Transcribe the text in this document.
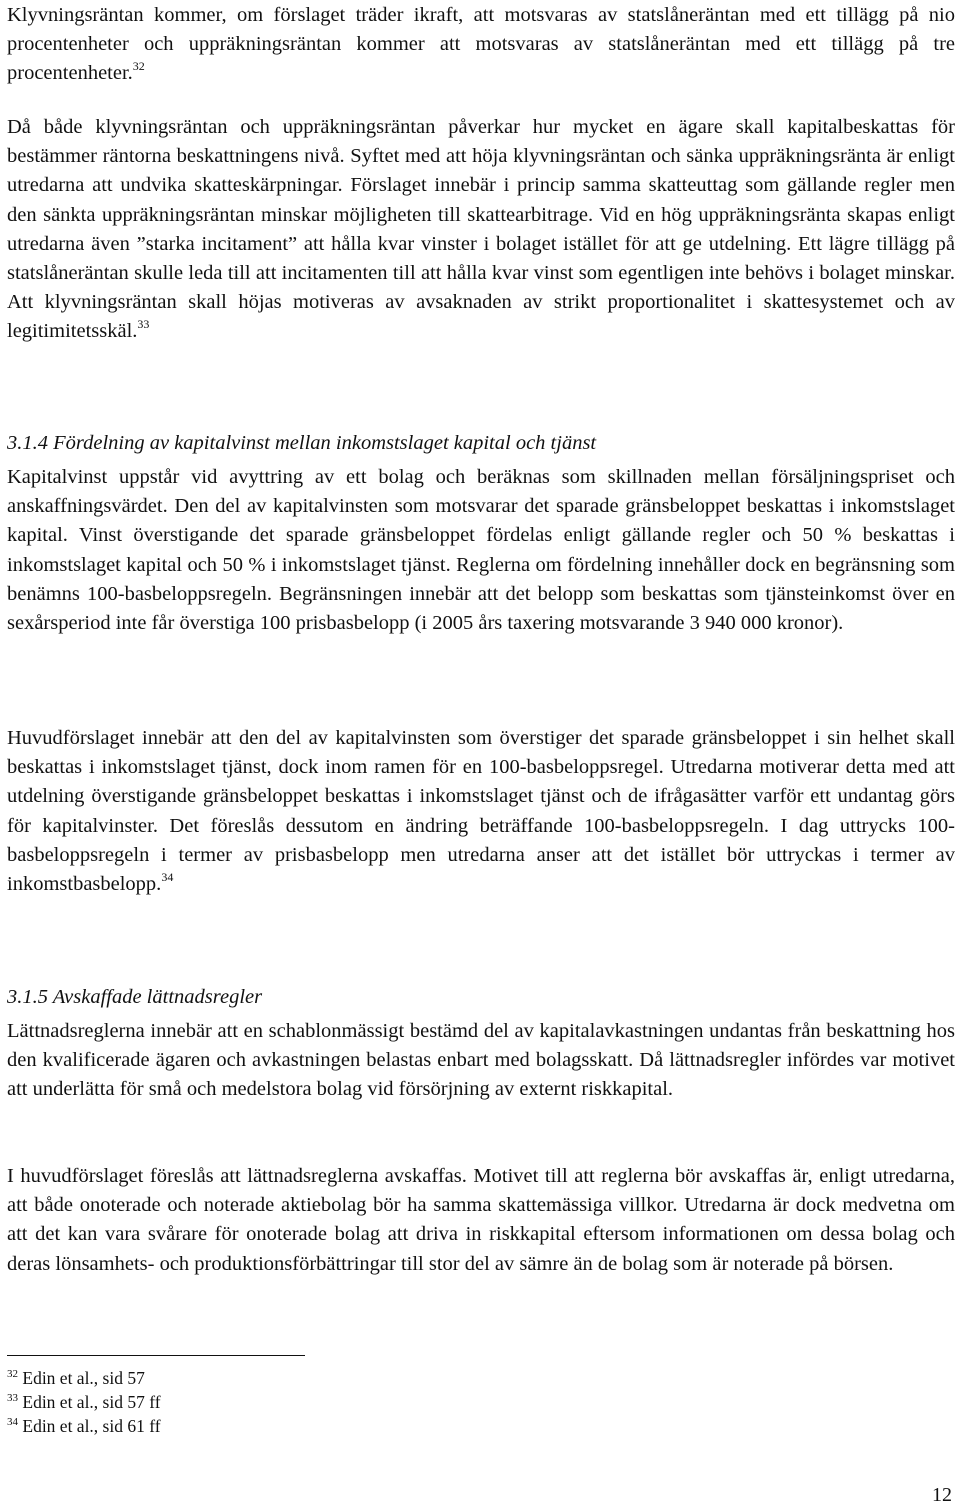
Klyvningsräntan kommer, om förslaget träder ikraft, att motsvaras av statslåneräntan med ett tillägg på nio procentenheter och uppräkningsräntan kommer att motsvaras av statslåneräntan med ett tillägg på tre procentenheter.$^{32}$

Då både klyvningsräntan och uppräkningsräntan påverkar hur mycket en ägare skall kapitalbeskattas för bestämmer räntorna beskattningens nivå. Syftet med att höja klyvningsräntan och sänka uppräkningsränta är enligt utredarna att undvika skatteskärpningar. Förslaget innebär i princip samma skatteuttag som gällande regler men den sänkta uppräkningsräntan minskar möjligheten till skattearbitrage. Vid en hög uppräkningsränta skapas enligt utredarna även ”starka incitament” att hålla kvar vinster i bolaget istället för att ge utdelning. Ett lägre tillägg på statslåneräntan skulle leda till att incitamenten till att hålla kvar vinst som egentligen inte behövs i bolaget minskar. Att klyvningsräntan skall höjas motiveras av avsaknaden av strikt proportionalitet i skattesystemet och av legitimitetsskäl.$^{33}$

3.1.4 Fördelning av kapitalvinst mellan inkomstslaget kapital och tjänst

Kapitalvinst uppstår vid avyttring av ett bolag och beräknas som skillnaden mellan försäljningspriset och anskaffningsvärdet. Den del av kapitalvinsten som motsvarar det sparade gränsbeloppet beskattas i inkomstslaget kapital. Vinst överstigande det sparade gränsbeloppet fördelas enligt gällande regler och 50 % beskattas i inkomstslaget kapital och 50 % i inkomstslaget tjänst. Reglerna om fördelning innehåller dock en begränsning som benämns 100-basbeloppsregeln. Begränsningen innebär att det belopp som beskattas som tjänsteinkomst över en sexårsperiod inte får överstiga 100 prisbasbelopp (i 2005 års taxering motsvarande 3 940 000 kronor).

Huvudförslaget innebär att den del av kapitalvinsten som överstiger det sparade gränsbeloppet i sin helhet skall beskattas i inkomstslaget tjänst, dock inom ramen för en 100-basbeloppsregel. Utredarna motiverar detta med att utdelning överstigande gränsbeloppet beskattas i inkomstslaget tjänst och de ifrågasätter varför ett undantag görs för kapitalvinster. Det föreslås dessutom en ändring beträffande 100-basbeloppsregeln. I dag uttrycks 100-basbeloppsregeln i termer av prisbasbelopp men utredarna anser att det istället bör uttryckas i termer av inkomstbasbelopp.$^{34}$

3.1.5 Avskaffade lättnadsregler

Lättnadsreglerna innebär att en schablonmässigt bestämd del av kapitalavkastningen undantas från beskattning hos den kvalificerade ägaren och avkastningen belastas enbart med bolagsskatt. Då lättnadsregler infördes var motivet att underlätta för små och medelstora bolag vid försörjning av externt riskkapital.

I huvudförslaget föreslås att lättnadsreglerna avskaffas. Motivet till att reglerna bör avskaffas är, enligt utredarna, att både onoterade och noterade aktiebolag bör ha samma skattemässiga villkor. Utredarna är dock medvetna om att det kan vara svårare för onoterade bolag att driva in riskkapital eftersom informationen om dessa bolag och deras lönsamhets- och produktionsförbättringar till stor del av sämre än de bolag som är noterade på börsen.

$^{32}$ Edin et al., sid 57
$^{33}$ Edin et al., sid 57 ff
$^{34}$ Edin et al., sid 61 ff
12
